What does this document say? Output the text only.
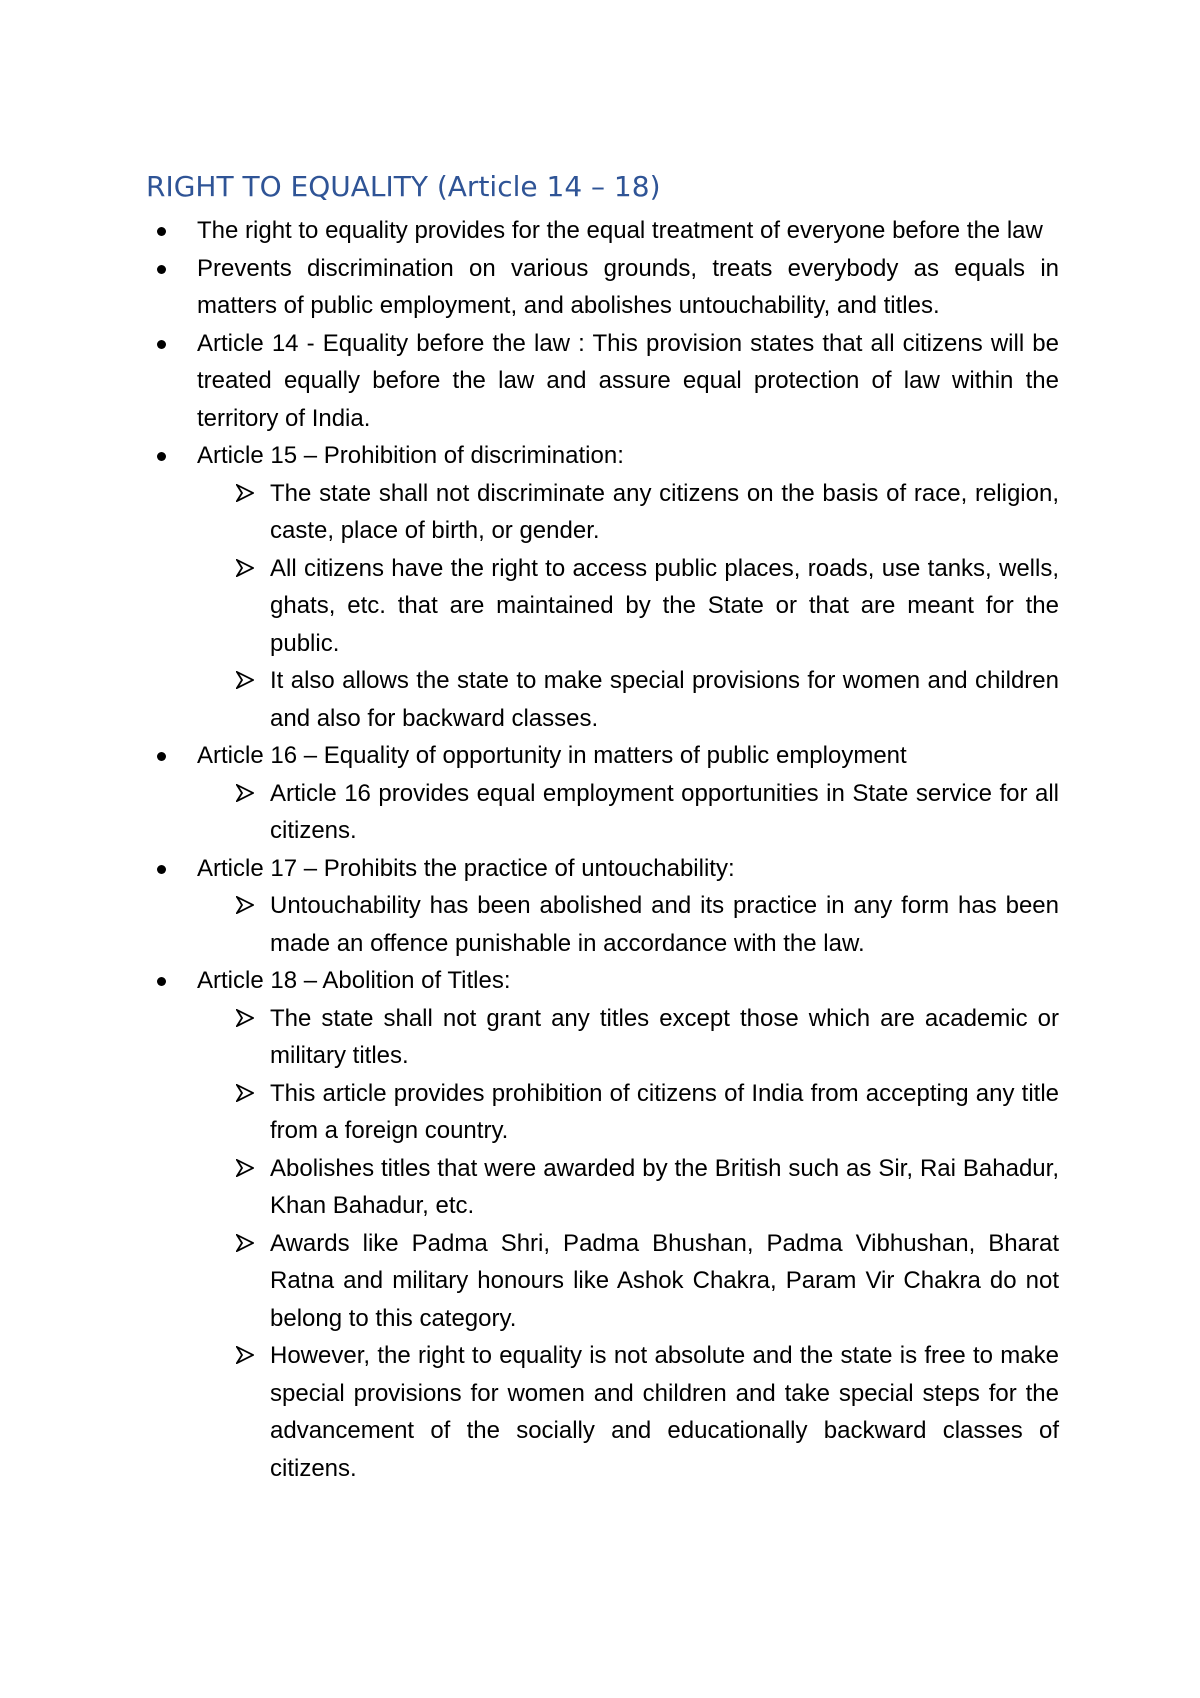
RIGHT TO EQUALITY (Article 14 – 18)

The right to equality provides for the equal treatment of everyone before the law

Prevents discrimination on various grounds, treats everybody as equals in matters of public employment, and abolishes untouchability, and titles.

Article 14 - Equality before the law : This provision states that all citizens will be treated equally before the law and assure equal protection of law within the territory of India.

Article 15 – Prohibition of discrimination:

The state shall not discriminate any citizens on the basis of race, religion, caste, place of birth, or gender.

All citizens have the right to access public places, roads, use tanks, wells, ghats, etc. that are maintained by the State or that are meant for the public.

It also allows the state to make special provisions for women and children and also for backward classes.

Article 16 – Equality of opportunity in matters of public employment

Article 16 provides equal employment opportunities in State service for all citizens.

Article 17 – Prohibits the practice of untouchability:

Untouchability has been abolished and its practice in any form has been made an offence punishable in accordance with the law.

Article 18 – Abolition of Titles:

The state shall not grant any titles except those which are academic or military titles.

This article provides prohibition of citizens of India from accepting any title from a foreign country.

Abolishes titles that were awarded by the British such as Sir, Rai Bahadur, Khan Bahadur, etc.

Awards like Padma Shri, Padma Bhushan, Padma Vibhushan, Bharat Ratna and military honours like Ashok Chakra, Param Vir Chakra do not belong to this category.

However, the right to equality is not absolute and the state is free to make special provisions for women and children and take special steps for the advancement of the socially and educationally backward classes of citizens.
